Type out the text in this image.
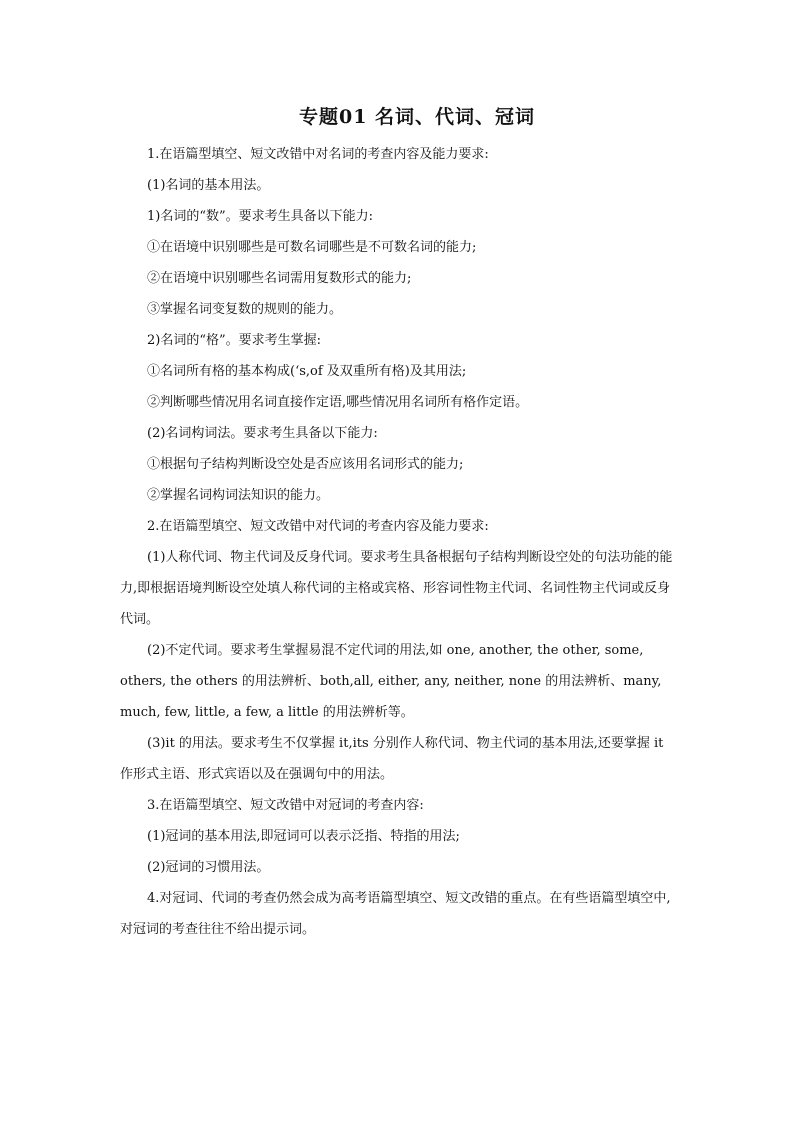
专题01 名词、代词、冠词

1.在语篇型填空、短文改错中对名词的考查内容及能力要求:

(1)名词的基本用法。

1)名词的“数”。要求考生具备以下能力:

①在语境中识别哪些是可数名词哪些是不可数名词的能力;

②在语境中识别哪些名词需用复数形式的能力;

③掌握名词变复数的规则的能力。

2)名词的“格”。要求考生掌握:

①名词所有格的基本构成(‘s,of 及双重所有格)及其用法;

②判断哪些情况用名词直接作定语,哪些情况用名词所有格作定语。

(2)名词构词法。要求考生具备以下能力:

①根据句子结构判断设空处是否应该用名词形式的能力;

②掌握名词构词法知识的能力。

2.在语篇型填空、短文改错中对代词的考查内容及能力要求:

(1)人称代词、物主代词及反身代词。要求考生具备根据句子结构判断设空处的句法功能的能力,即根据语境判断设空处填人称代词的主格或宾格、形容词性物主代词、名词性物主代词或反身代词。

(2)不定代词。要求考生掌握易混不定代词的用法,如 one, another, the other, some, others, the others 的用法辨析、both,all, either, any, neither, none 的用法辨析、many, much, few, little, a few, a little 的用法辨析等。

(3)it 的用法。要求考生不仅掌握 it,its 分别作人称代词、物主代词的基本用法,还要掌握 it 作形式主语、形式宾语以及在强调句中的用法。

3.在语篇型填空、短文改错中对冠词的考查内容:

(1)冠词的基本用法,即冠词可以表示泛指、特指的用法;

(2)冠词的习惯用法。

4.对冠词、代词的考查仍然会成为高考语篇型填空、短文改错的重点。在有些语篇型填空中,对冠词的考查往往不给出提示词。
